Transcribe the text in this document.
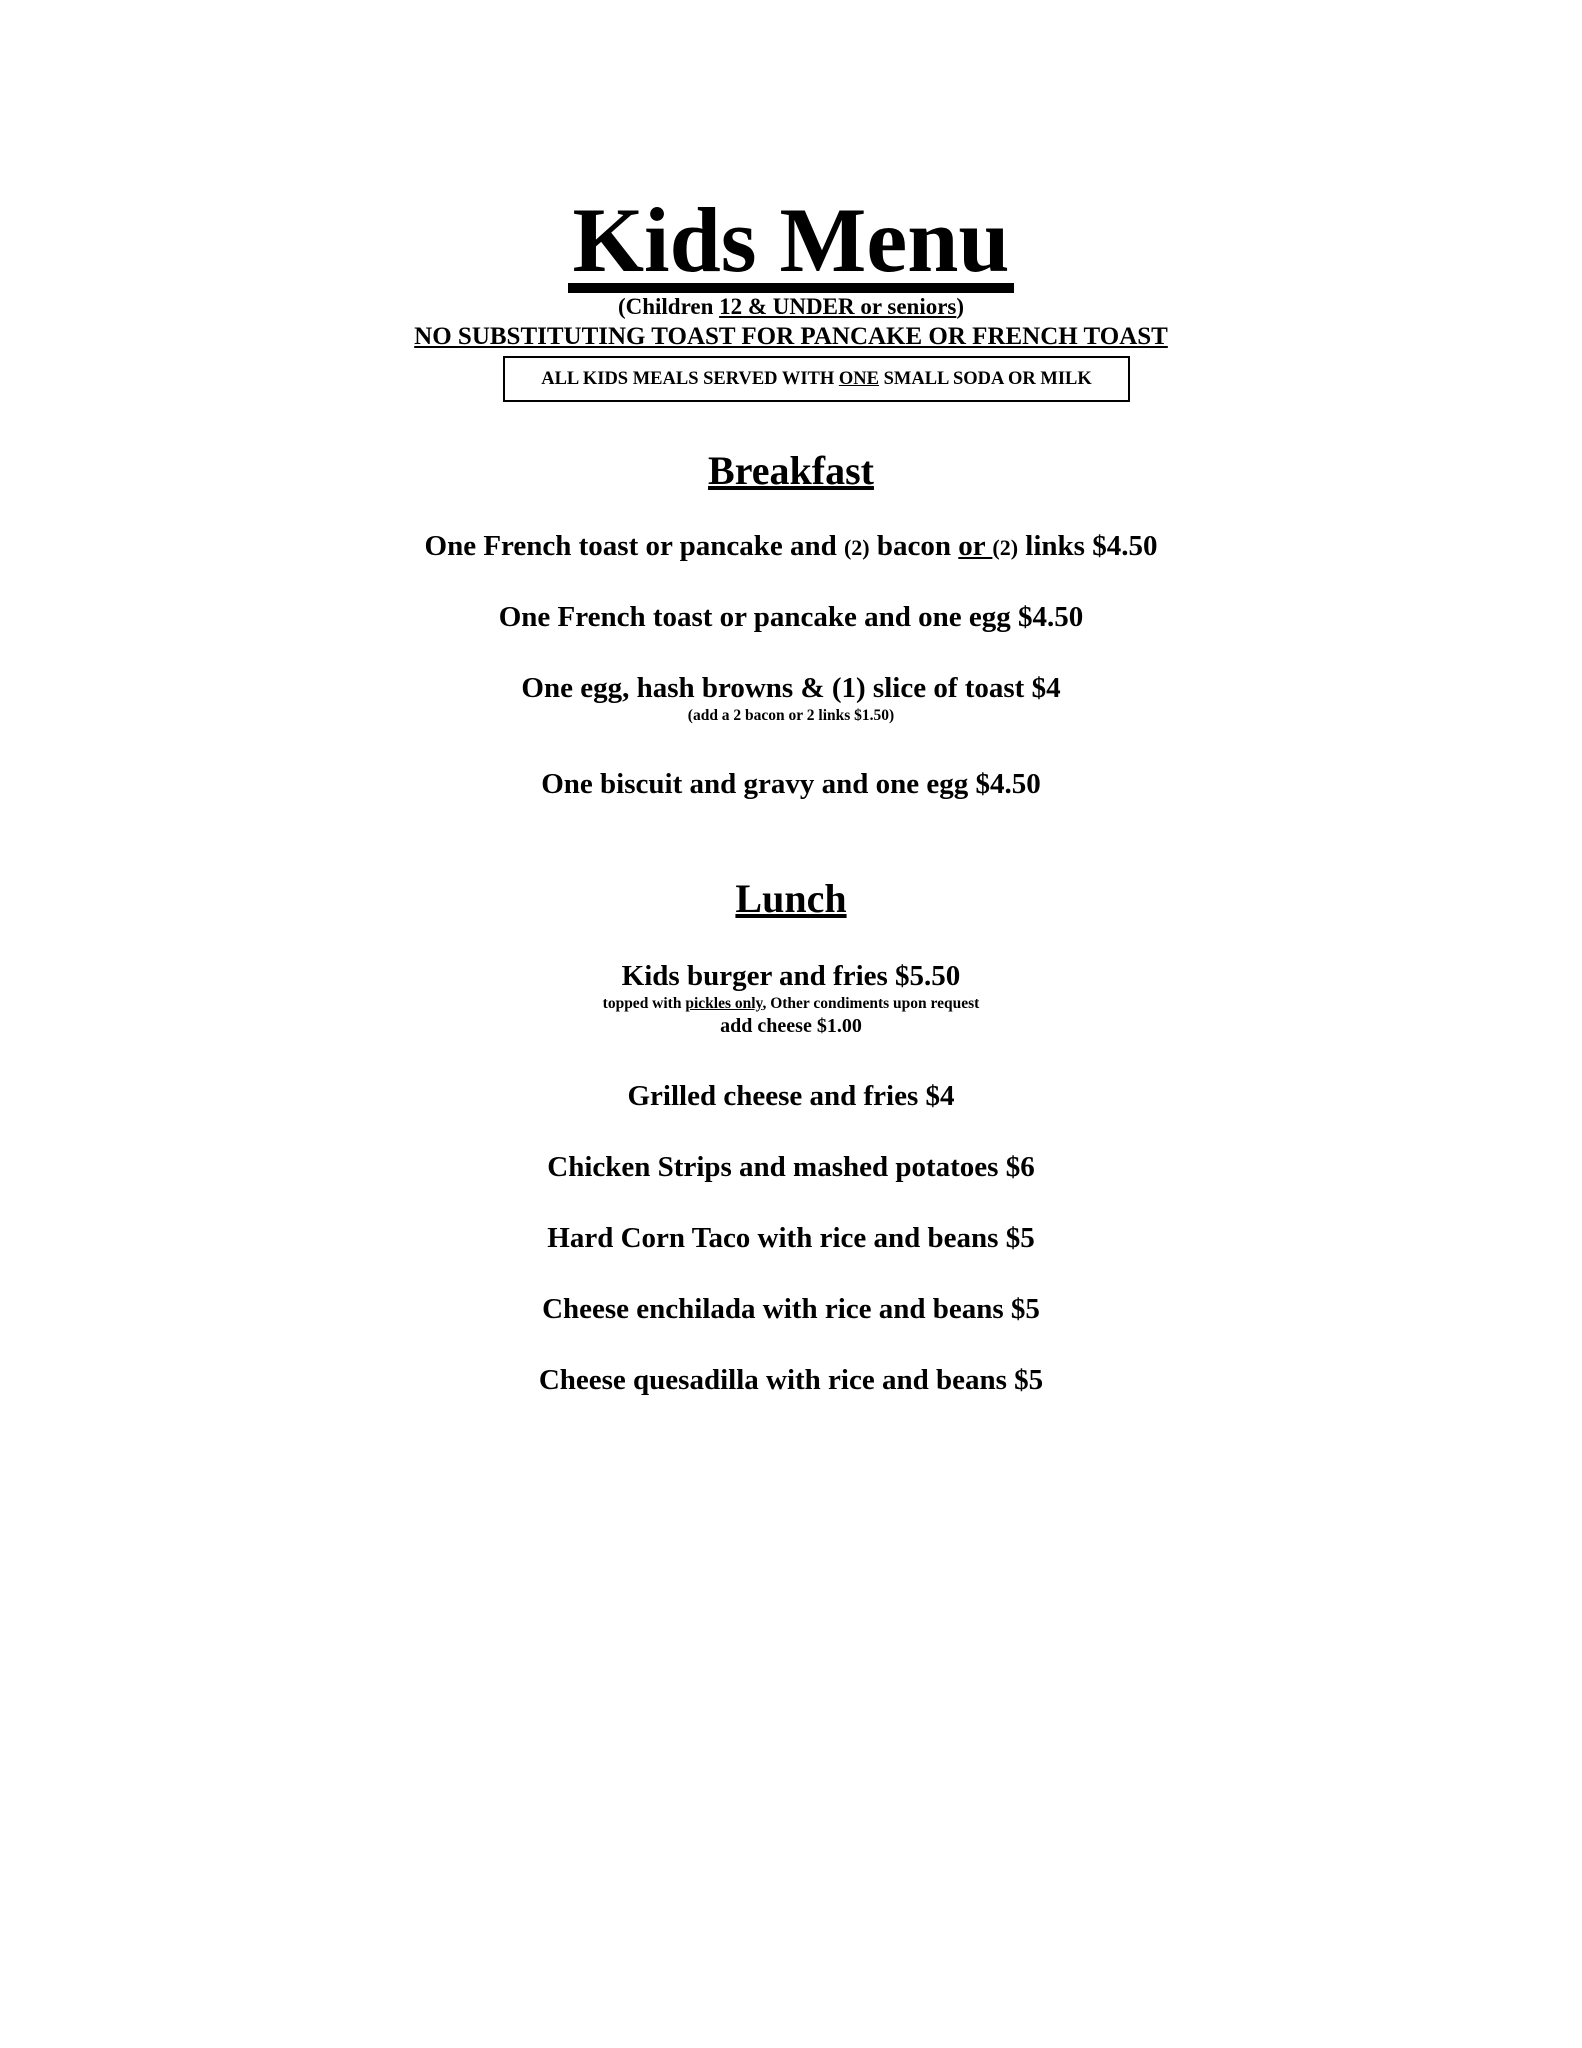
Kids Menu
(Children 12 & UNDER or seniors)
NO SUBSTITUTING TOAST FOR PANCAKE OR FRENCH TOAST
ALL KIDS MEALS SERVED WITH ONE SMALL SODA OR MILK
Breakfast
One French toast or pancake and (2) bacon or (2) links $4.50
One French toast or pancake and one egg $4.50
One egg, hash browns & (1) slice of toast $4
(add a 2 bacon or 2 links $1.50)
One biscuit and gravy and one egg $4.50
Lunch
Kids burger and fries $5.50
topped with pickles only, Other condiments upon request
add cheese $1.00
Grilled cheese and fries $4
Chicken Strips and mashed potatoes $6
Hard Corn Taco with rice and beans $5
Cheese enchilada with rice and beans $5
Cheese quesadilla with rice and beans $5
